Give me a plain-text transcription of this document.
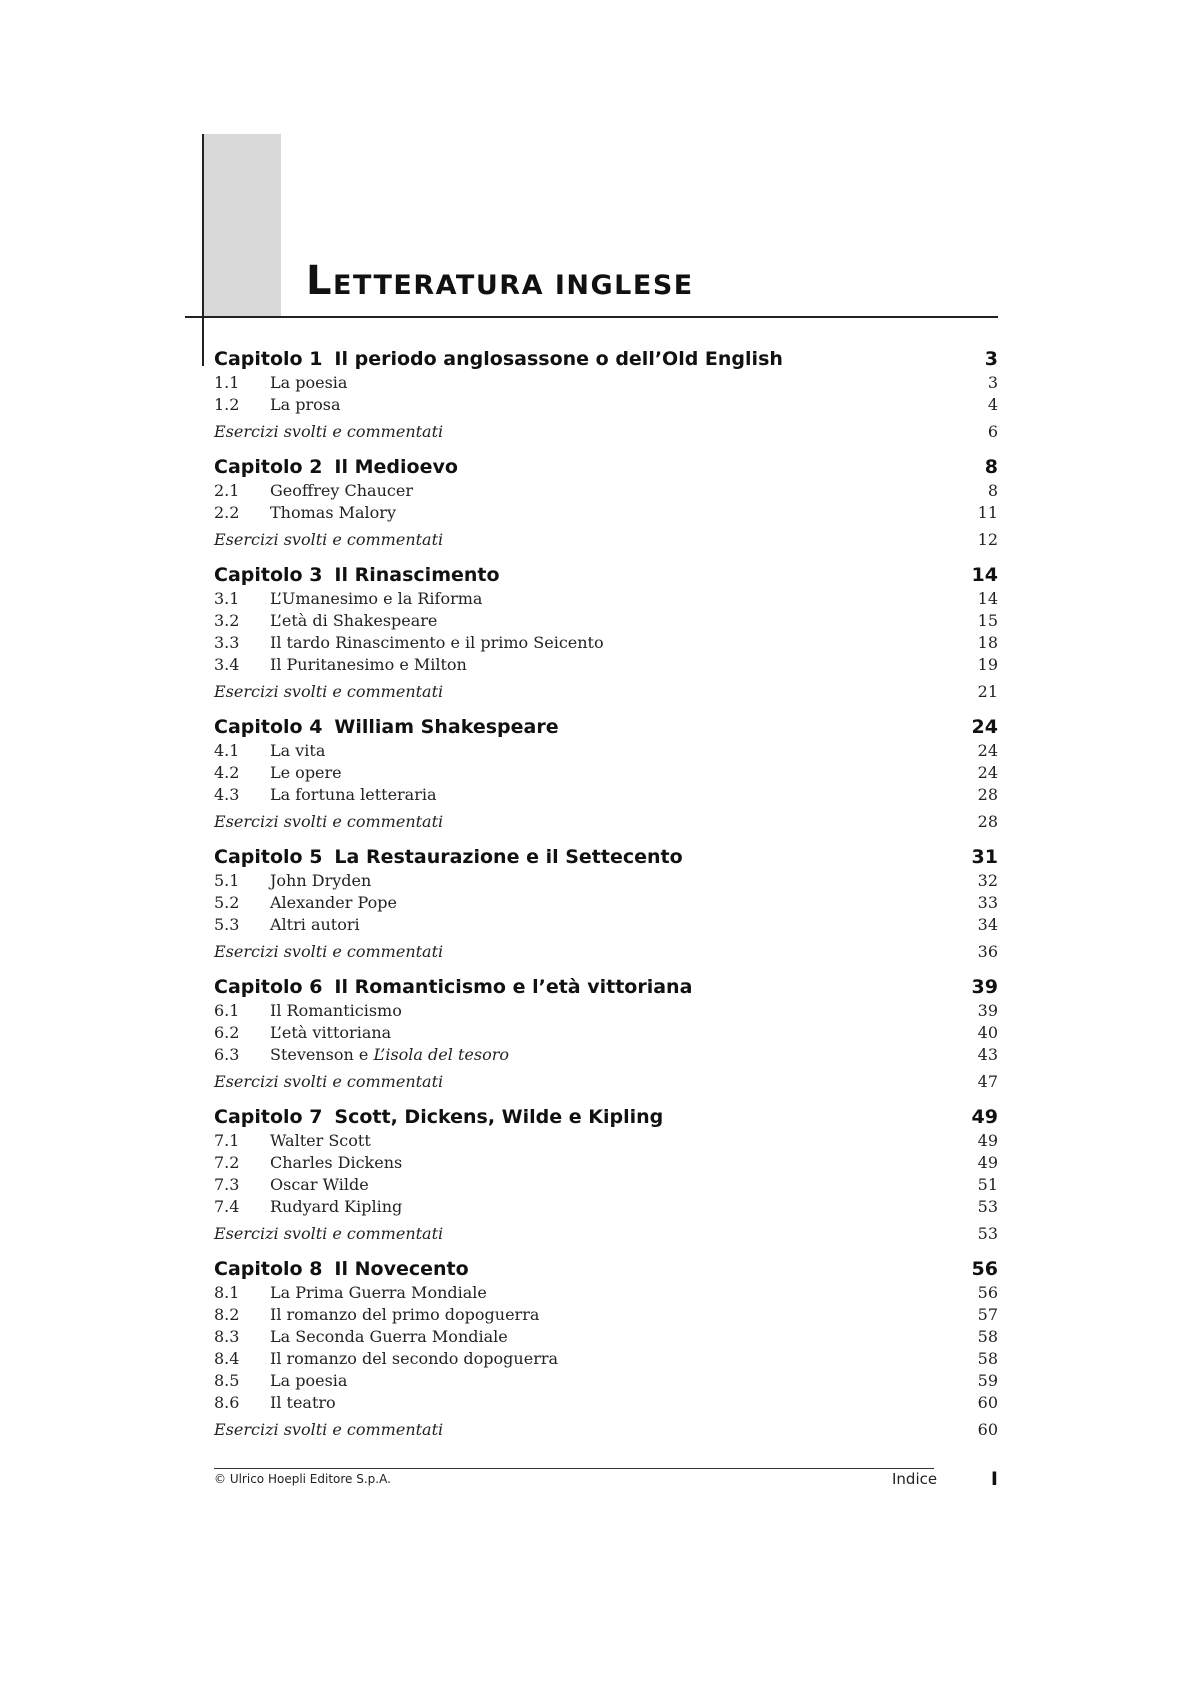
LETTERATURA INGLESE
Capitolo 1 Il periodo anglosassone o dell’Old English	3
1.1 La poesia	3
1.2 La prosa	4
Esercizi svolti e commentati	6
Capitolo 2 Il Medioevo	8
2.1 Geoffrey Chaucer	8
2.2 Thomas Malory	11
Esercizi svolti e commentati	12
Capitolo 3 Il Rinascimento	14
3.1 L’Umanesimo e la Riforma	14
3.2 L’età di Shakespeare	15
3.3 Il tardo Rinascimento e il primo Seicento	18
3.4 Il Puritanesimo e Milton	19
Esercizi svolti e commentati	21
Capitolo 4 William Shakespeare	24
4.1 La vita	24
4.2 Le opere	24
4.3 La fortuna letteraria	28
Esercizi svolti e commentati	28
Capitolo 5 La Restaurazione e il Settecento	31
5.1 John Dryden	32
5.2 Alexander Pope	33
5.3 Altri autori	34
Esercizi svolti e commentati	36
Capitolo 6 Il Romanticismo e l’età vittoriana	39
6.1 Il Romanticismo	39
6.2 L’età vittoriana	40
6.3 Stevenson e L’isola del tesoro	43
Esercizi svolti e commentati	47
Capitolo 7 Scott, Dickens, Wilde e Kipling	49
7.1 Walter Scott	49
7.2 Charles Dickens	49
7.3 Oscar Wilde	51
7.4 Rudyard Kipling	53
Esercizi svolti e commentati	53
Capitolo 8 Il Novecento	56
8.1 La Prima Guerra Mondiale	56
8.2 Il romanzo del primo dopoguerra	57
8.3 La Seconda Guerra Mondiale	58
8.4 Il romanzo del secondo dopoguerra	58
8.5 La poesia	59
8.6 Il teatro	60
Esercizi svolti e commentati	60
© Ulrico Hoepli Editore S.p.A.	Indice	I
